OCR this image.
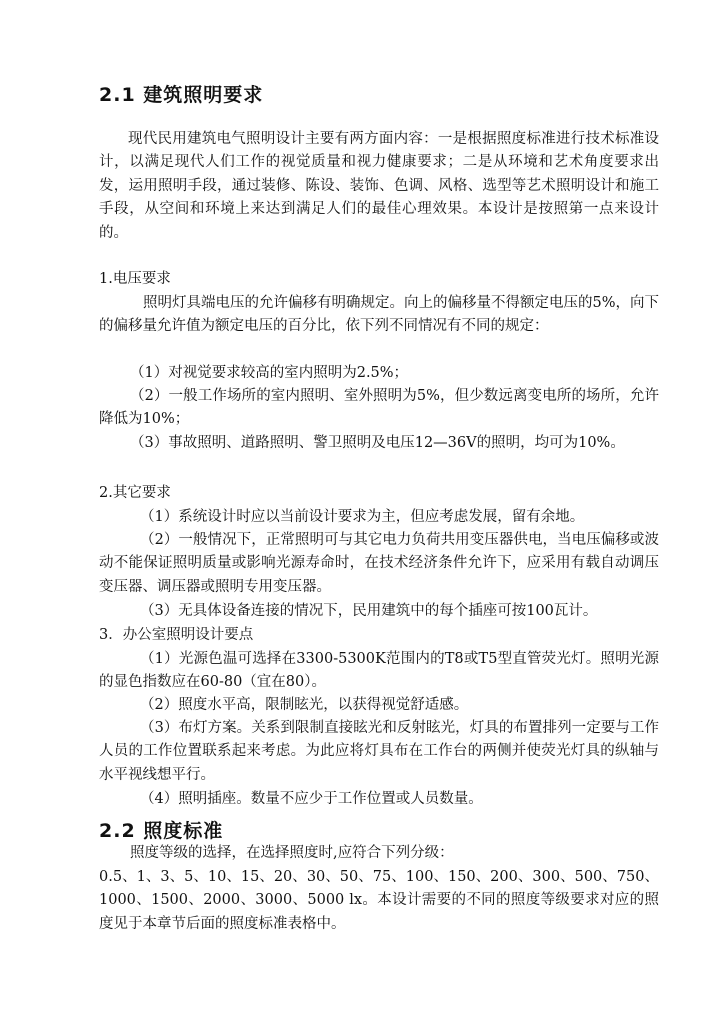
2.1 建筑照明要求

现代民用建筑电气照明设计主要有两方面内容：一是根据照度标准进行技术标准设计，以满足现代人们工作的视觉质量和视力健康要求；二是从环境和艺术角度要求出发，运用照明手段，通过装修、陈设、装饰、色调、风格、选型等艺术照明设计和施工手段，从空间和环境上来达到满足人们的最佳心理效果。本设计是按照第一点来设计的。

1.电压要求

照明灯具端电压的允许偏移有明确规定。向上的偏移量不得额定电压的5%，向下的偏移量允许值为额定电压的百分比，依下列不同情况有不同的规定：

（1）对视觉要求较高的室内照明为2.5%；

（2）一般工作场所的室内照明、室外照明为5%，但少数远离变电所的场所，允许降低为10%；

（3）事故照明、道路照明、警卫照明及电压12—36V的照明，均可为10%。

2.其它要求

（1）系统设计时应以当前设计要求为主，但应考虑发展，留有余地。

（2）一般情况下，正常照明可与其它电力负荷共用变压器供电，当电压偏移或波动不能保证照明质量或影响光源寿命时，在技术经济条件允许下，应采用有载自动调压变压器、调压器或照明专用变压器。

（3）无具体设备连接的情况下，民用建筑中的每个插座可按100瓦计。

3．办公室照明设计要点

（1）光源色温可选择在3300-5300K范围内的T8或T5型直管荧光灯。照明光源的显色指数应在60-80（宜在80）。

（2）照度水平高，限制眩光，以获得视觉舒适感。

（3）布灯方案。关系到限制直接眩光和反射眩光，灯具的布置排列一定要与工作人员的工作位置联系起来考虑。为此应将灯具布在工作台的两侧并使荧光灯具的纵轴与水平视线想平行。

（4）照明插座。数量不应少于工作位置或人员数量。

2.2 照度标准

照度等级的选择，在选择照度时,应符合下列分级：

0.5、1、3、5、10、15、20、30、50、75、100、150、200、300、500、750、1000、1500、2000、3000、5000 lx。本设计需要的不同的照度等级要求对应的照度见于本章节后面的照度标准表格中。
